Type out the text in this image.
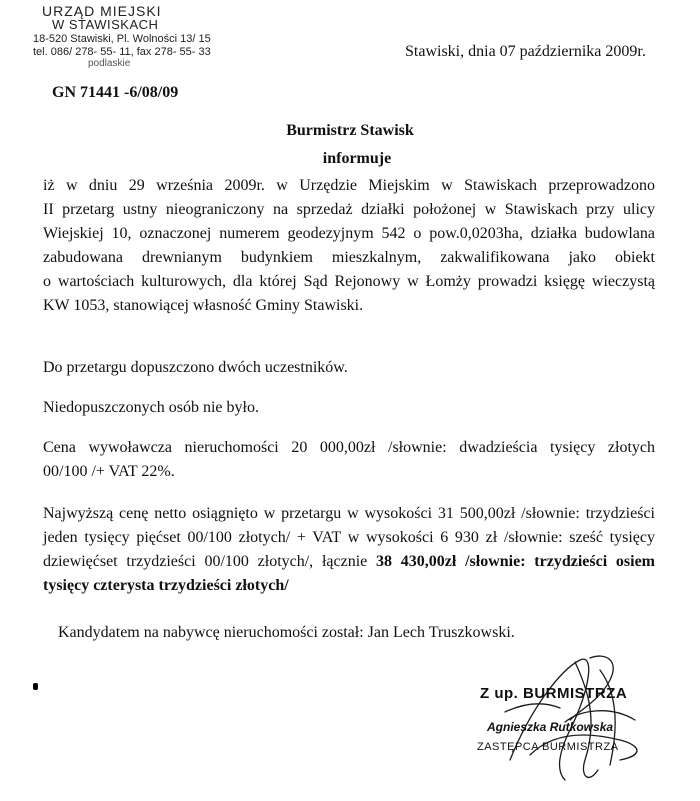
URZĄD MIEJSKI
W STAWISKACH
18-520 Stawiski, Pl. Wolności 13/ 15
tel. 086/ 278- 55- 11, fax 278- 55- 33
podlaskie
Stawiski, dnia 07 października 2009r.
GN 71441 -6/08/09
Burmistrz Stawisk
informuje
iż w dniu 29 września 2009r. w Urzędzie Miejskim w Stawiskach przeprowadzono
II przetarg ustny nieograniczony na sprzedaż działki położonej w Stawiskach przy ulicy
Wiejskiej 10, oznaczonej numerem geodezyjnym 542 o pow.0,0203ha, działka budowlana
zabudowana drewnianym budynkiem mieszkalnym, zakwalifikowana jako obiekt
o wartościach kulturowych, dla której Sąd Rejonowy w Łomży prowadzi księgę wieczystą
KW 1053, stanowiącej własność Gminy Stawiski.
Do przetargu dopuszczono dwóch uczestników.
Niedopuszczonych osób nie było.
Cena wywoławcza nieruchomości 20 000,00zł /słownie: dwadzieścia tysięcy złotych
00/100 /+ VAT 22%.
Najwyższą cenę netto osiągnięto w przetargu w wysokości 31 500,00zł /słownie: trzydzieści
jeden tysięcy pięćset 00/100 złotych/ + VAT w wysokości 6 930 zł /słownie: sześć tysięcy
dziewięćset trzydzieści 00/100 złotych/, łącznie 38 430,00zł /słownie: trzydzieści osiem
tysięcy czterysta trzydzieści złotych/
Kandydatem na nabywcę nieruchomości został: Jan Lech Truszkowski.
Z up. BURMISTRZA
Agnieszka Rutkowska
ZASTĘPCA BURMISTRZA
